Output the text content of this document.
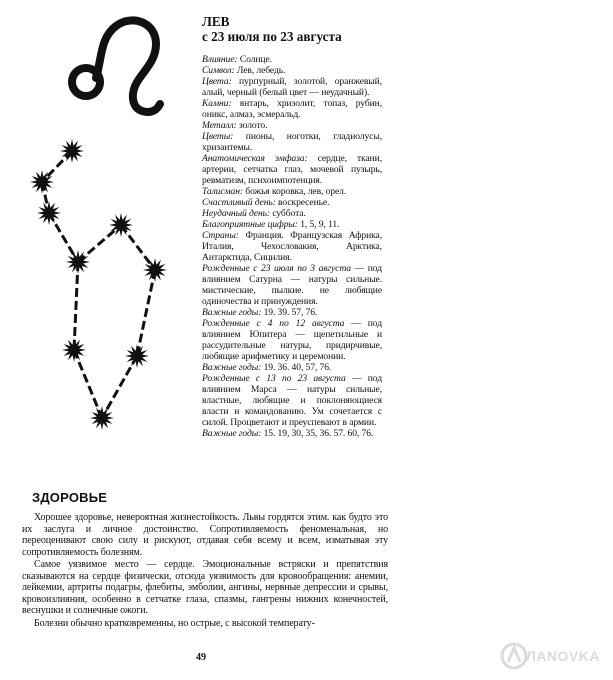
ЛЕВ

с 23 июля по 23 августа

Влияние: Солнце.

Символ: Лев, лебедь.

Цвета: пурпурный, золотой, оранжевый, алый, черный (белый цвет — неудачный).

Камни: янтарь, хризолит, топаз, рубин, оникс, алмаз, эсмеральд.

Металл: золото.

Цветы: пионы, ноготки, гладиолусы, хризантемы.

Анатомическая эмфаза: сердце, ткани, артерии, сетчатка глаз, мочевой пузырь, ревматизм, психоимпотенция.

Талисман: божья коровка, лев, орел.

Счастливый день: воскресенье.

Неудачный день: суббота.

Благоприятные цифры: 1, 5, 9, 11.

Страны: Франция. Французская Африка, Италия, Чехословакия, Арктика, Антарктида, Сицилия.

Рожденные с 23 июля по 3 августа — под влиянием Сатурна — натуры сильные. мистические, пылкие. не любящие одиночества и принуждения.

Важные годы: 19. 39. 57, 76.

Рожденные с 4 по 12 августа — под влиянием Юпитера — щепетильные и рассудительные натуры, придирчивые, любящие арифметику и церемонии.

Важные годы: 19. 36. 40, 57, 76.

Рожденные с 13 по 23 августа — под влиянием Марса — натуры сильные, властные, любящие и поклоняющиеся власти и командованию. Ум сочетается с силой. Процветают и преуспевают в армии.

Важные годы: 15. 19, 30, 35, 36. 57. 60, 76.

ЗДОРОВЬЕ

Хорошее здоровье, невероятная жизнестойкость. Львы гордятся этим. как будто это их заслуга и личное достоинство. Сопротивляемость феноменальная, но переоценивают свою силу и рискуют, отдавая себя всему и всем, изматывая эту сопротивляемость болезням.

Самое уязвимое место — сердце. Эмоциональные встряски и препятствия сказываются на сердце физически, отсюда уязвимость для кровообращения: анемии, лейкемии, артриты подагры, флебиты, эмболии, ангины, нервные депрессии и срывы, кровоизлияния, особенно в сетчатке глаза, спазмы, гангрены нижних конечностей, веснушки и солнечные ожоги.

Болезни обычно кратковременны, но острые, с высокой температу-

49	ЛАNOVKA
